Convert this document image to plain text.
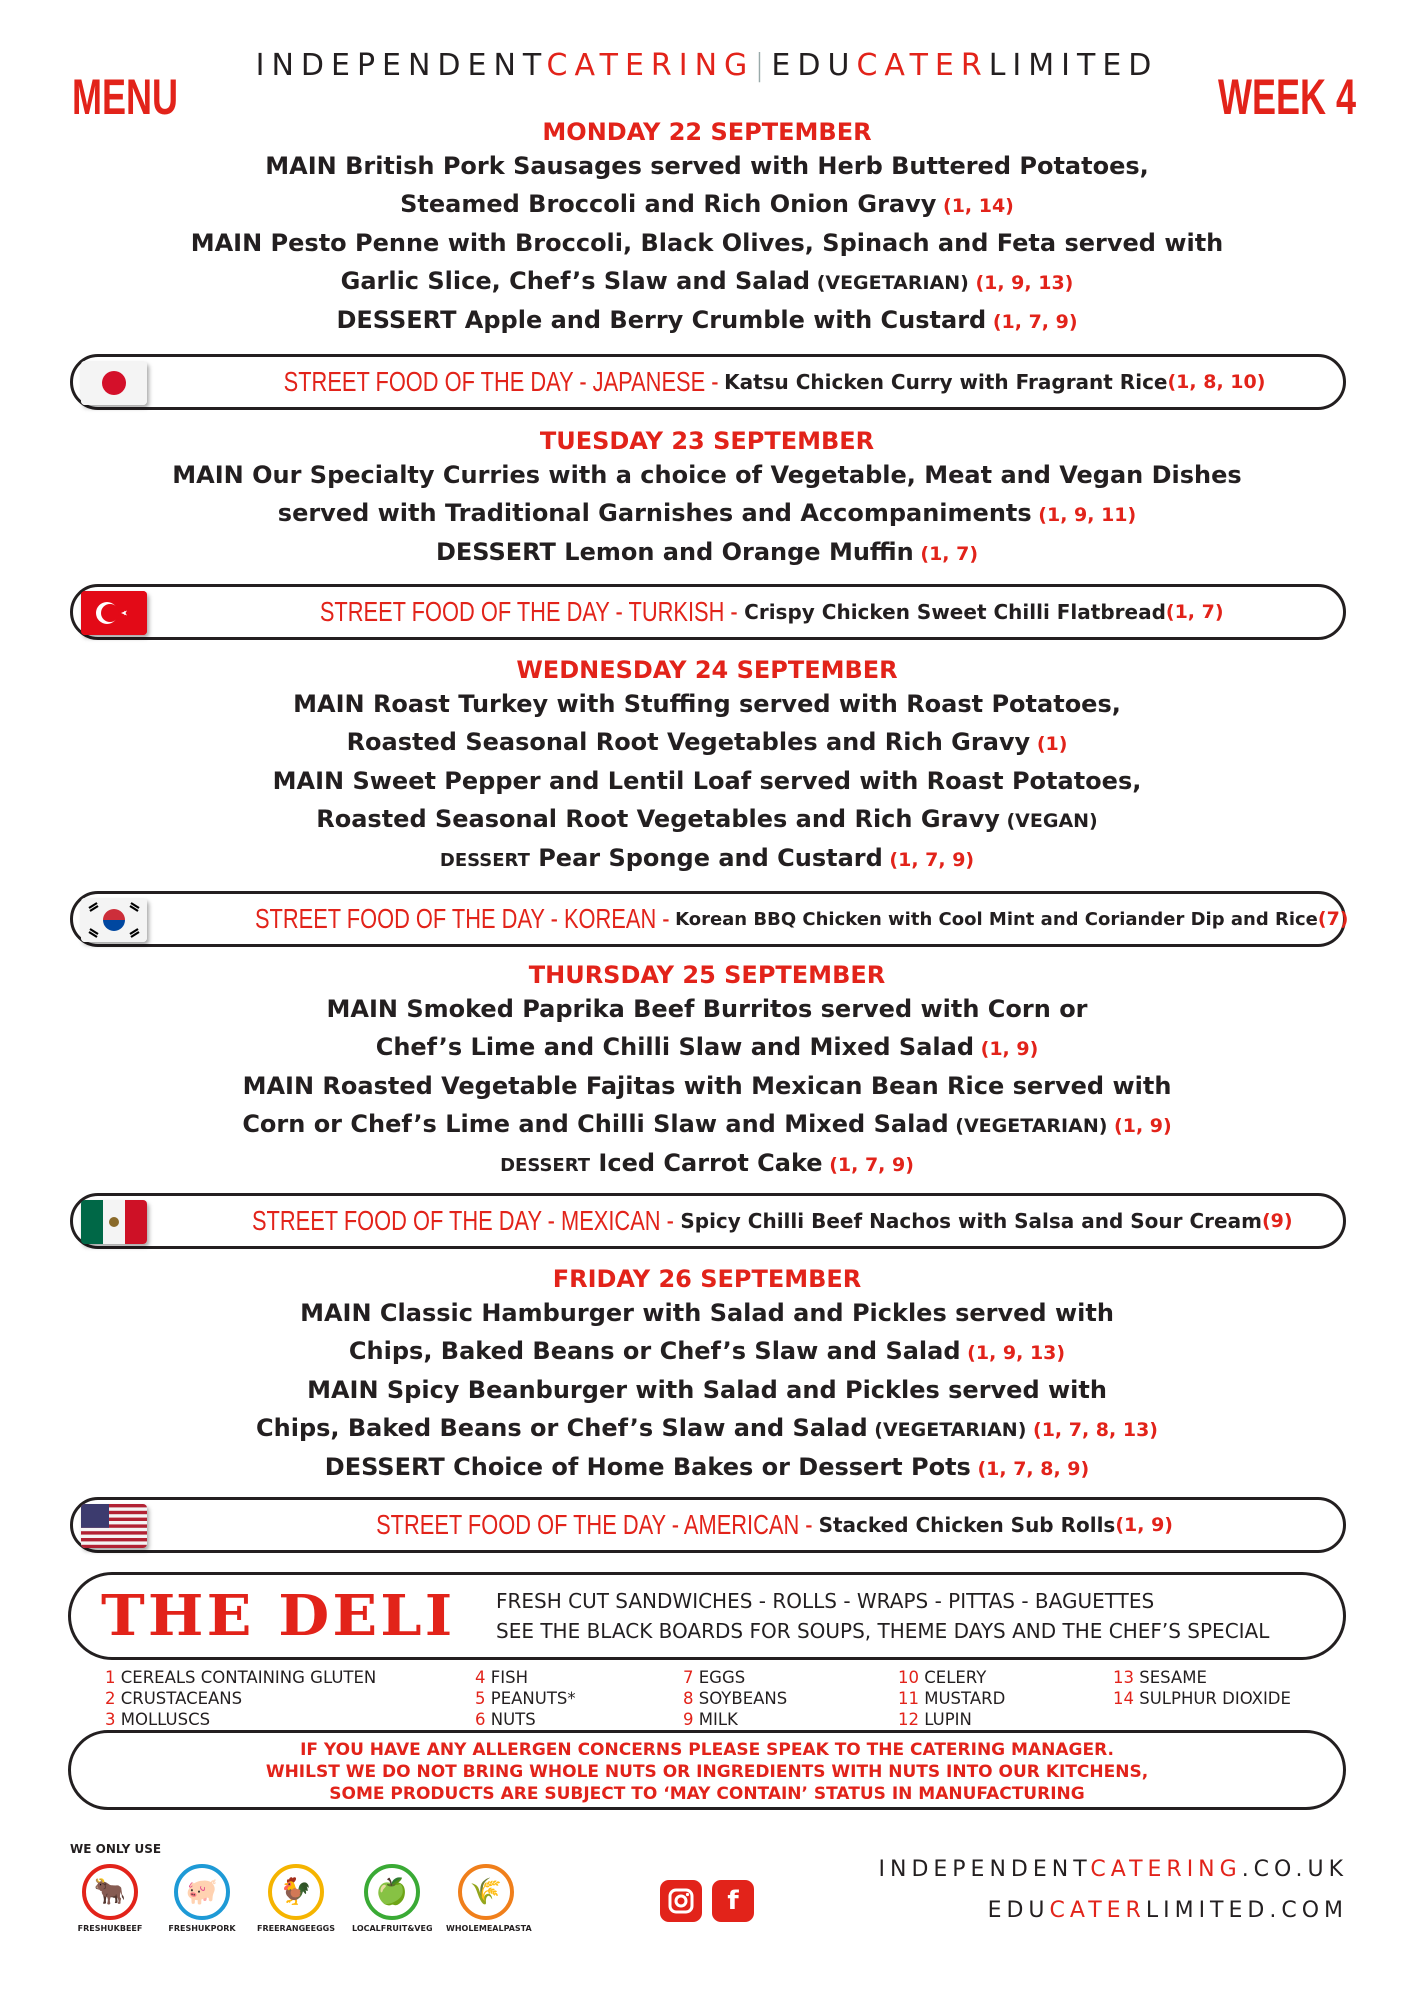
INDEPENDENTCATERING|EDUCATERLIMITED
MENU	WEEK 4
MONDAY 22 SEPTEMBER
MAIN British Pork Sausages served with Herb Buttered Potatoes,
Steamed Broccoli and Rich Onion Gravy (1, 14)
MAIN Pesto Penne with Broccoli, Black Olives, Spinach and Feta served with
Garlic Slice, Chef’s Slaw and Salad (VEGETARIAN) (1, 9, 13)
DESSERT Apple and Berry Crumble with Custard (1, 7, 9)
STREET FOOD OF THE DAY - JAPANESE - Katsu Chicken Curry with Fragrant Rice (1, 8, 10)
TUESDAY 23 SEPTEMBER
MAIN Our Specialty Curries with a choice of Vegetable, Meat and Vegan Dishes
served with Traditional Garnishes and Accompaniments (1, 9, 11)
DESSERT Lemon and Orange Muffin (1, 7)
STREET FOOD OF THE DAY - TURKISH - Crispy Chicken Sweet Chilli Flatbread (1, 7)
WEDNESDAY 24 SEPTEMBER
MAIN Roast Turkey with Stuffing served with Roast Potatoes,
Roasted Seasonal Root Vegetables and Rich Gravy (1)
MAIN Sweet Pepper and Lentil Loaf served with Roast Potatoes,
Roasted Seasonal Root Vegetables and Rich Gravy (VEGAN)
DESSERT Pear Sponge and Custard (1, 7, 9)
STREET FOOD OF THE DAY - KOREAN - Korean BBQ Chicken with Cool Mint and Coriander Dip and Rice (7)
THURSDAY 25 SEPTEMBER
MAIN Smoked Paprika Beef Burritos served with Corn or
Chef’s Lime and Chilli Slaw and Mixed Salad (1, 9)
MAIN Roasted Vegetable Fajitas with Mexican Bean Rice served with
Corn or Chef’s Lime and Chilli Slaw and Mixed Salad (VEGETARIAN) (1, 9)
DESSERT Iced Carrot Cake (1, 7, 9)
STREET FOOD OF THE DAY - MEXICAN - Spicy Chilli Beef Nachos with Salsa and Sour Cream (9)
FRIDAY 26 SEPTEMBER
MAIN Classic Hamburger with Salad and Pickles served with
Chips, Baked Beans or Chef’s Slaw and Salad (1, 9, 13)
MAIN Spicy Beanburger with Salad and Pickles served with
Chips, Baked Beans or Chef’s Slaw and Salad (VEGETARIAN) (1, 7, 8, 13)
DESSERT Choice of Home Bakes or Dessert Pots (1, 7, 8, 9)
STREET FOOD OF THE DAY - AMERICAN - Stacked Chicken Sub Rolls (1, 9)
THE DELI FRESH CUT SANDWICHES - ROLLS - WRAPS - PITTAS - BAGUETTES
SEE THE BLACK BOARDS FOR SOUPS, THEME DAYS AND THE CHEF’S SPECIAL
1 CEREALS CONTAINING GLUTEN
2 CRUSTACEANS
3 MOLLUSCS
4 FISH
5 PEANUTS*
6 NUTS
7 EGGS
8 SOYBEANS
9 MILK
10 CELERY
11 MUSTARD
12 LUPIN
13 SESAME
14 SULPHUR DIOXIDE
IF YOU HAVE ANY ALLERGEN CONCERNS PLEASE SPEAK TO THE CATERING MANAGER.
WHILST WE DO NOT BRING WHOLE NUTS OR INGREDIENTS WITH NUTS INTO OUR KITCHENS,
SOME PRODUCTS ARE SUBJECT TO ‘MAY CONTAIN’ STATUS IN MANUFACTURING
WE ONLY USE
🐂
FRESHUKBEEF
🐖
FRESHUKPORK
🐓
FREERANGEEGGS
🍏
LOCALFRUIT&VEG
🌾
WHOLEMEALPASTA
f
INDEPENDENTCATERING.CO.UK
EDUCATERLIMITED.COM
